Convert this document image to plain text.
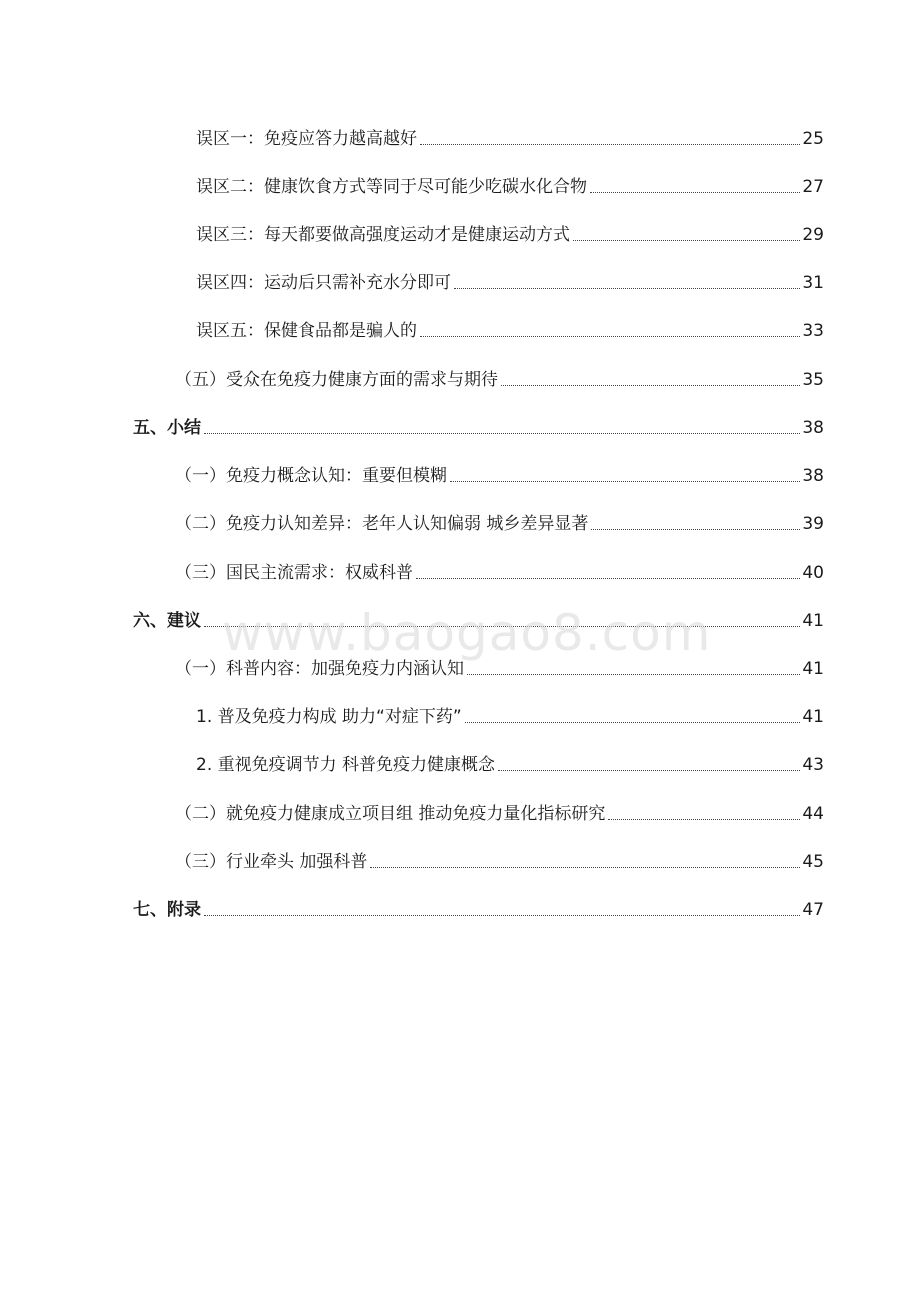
误区一：免疫应答力越高越好	25
误区二：健康饮食方式等同于尽可能少吃碳水化合物	27
误区三：每天都要做高强度运动才是健康运动方式	29
误区四：运动后只需补充水分即可	31
误区五：保健食品都是骗人的	33
（五）受众在免疫力健康方面的需求与期待	35
五、小结	38
（一）免疫力概念认知：重要但模糊	38
（二）免疫力认知差异：老年人认知偏弱 城乡差异显著	39
（三）国民主流需求：权威科普	40
六、建议	41
（一）科普内容：加强免疫力内涵认知	41
1. 普及免疫力构成 助力“对症下药”	41
2. 重视免疫调节力 科普免疫力健康概念	43
（二）就免疫力健康成立项目组 推动免疫力量化指标研究	44
（三）行业牵头 加强科普	45
七、附录	47
www.baogao8.com
